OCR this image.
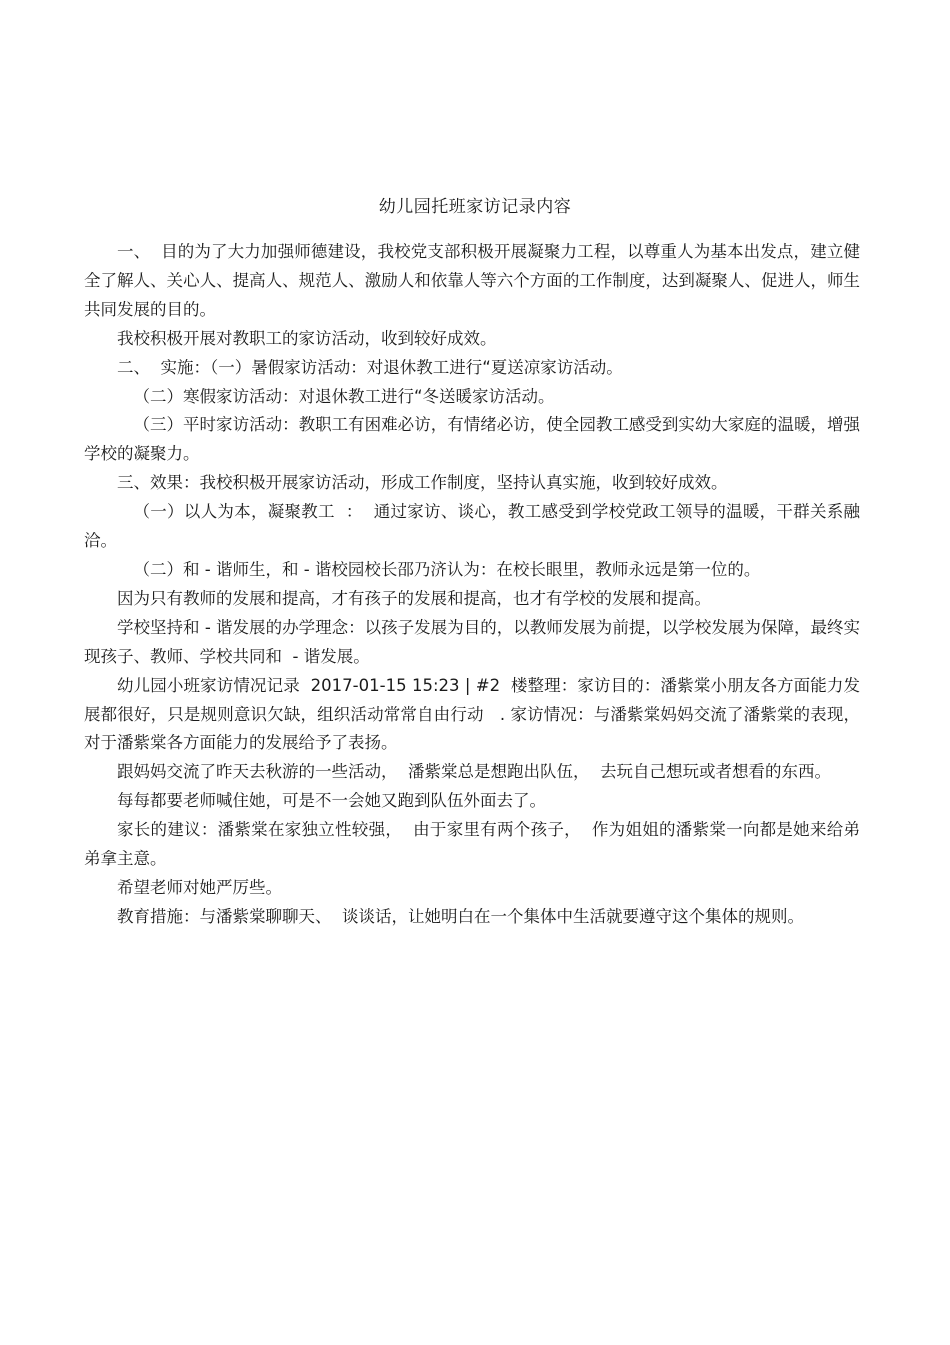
幼儿园托班家访记录内容

一、  目的为了大力加强师德建设，我校党支部积极开展凝聚力工程，以尊重人为基本出发点，建立健全了解人、关心人、提高人、规范人、激励人和依靠人等六个方面的工作制度，达到凝聚人、促进人，师生共同发展的目的。

我校积极开展对教职工的家访活动，收到较好成效。

二、  实施：（一）暑假家访活动：对退休教工进行“夏送凉家访活动。

（二）寒假家访活动：对退休教工进行“冬送暖家访活动。

（三）平时家访活动：教职工有困难必访，有情绪必访，使全园教工感受到实幼大家庭的温暖，增强学校的凝聚力。

三、效果：我校积极开展家访活动，形成工作制度，坚持认真实施，收到较好成效。

（一）以人为本，凝聚教工  ：  通过家访、谈心，教工感受到学校党政工领导的温暖，干群关系融洽。

（二）和 - 谐师生，和 - 谐校园校长邵乃济认为：在校长眼里，教师永远是第一位的。

因为只有教师的发展和提高，才有孩子的发展和提高，也才有学校的发展和提高。

学校坚持和 - 谐发展的办学理念：以孩子发展为目的，以教师发展为前提，以学校发展为保障，最终实现孩子、教师、学校共同和  - 谐发展。

幼儿园小班家访情况记录  2017-01-15 15:23 | #2  楼整理：家访目的：潘紫棠小朋友各方面能力发展都很好，只是规则意识欠缺，组织活动常常自由行动   . 家访情况：与潘紫棠妈妈交流了潘紫棠的表现，对于潘紫棠各方面能力的发展给予了表扬。

跟妈妈交流了昨天去秋游的一些活动，  潘紫棠总是想跑出队伍，  去玩自己想玩或者想看的东西。

每每都要老师喊住她，可是不一会她又跑到队伍外面去了。

家长的建议：潘紫棠在家独立性较强，  由于家里有两个孩子，  作为姐姐的潘紫棠一向都是她来给弟弟拿主意。

希望老师对她严厉些。

教育措施：与潘紫棠聊聊天、  谈谈话，让她明白在一个集体中生活就要遵守这个集体的规则。
